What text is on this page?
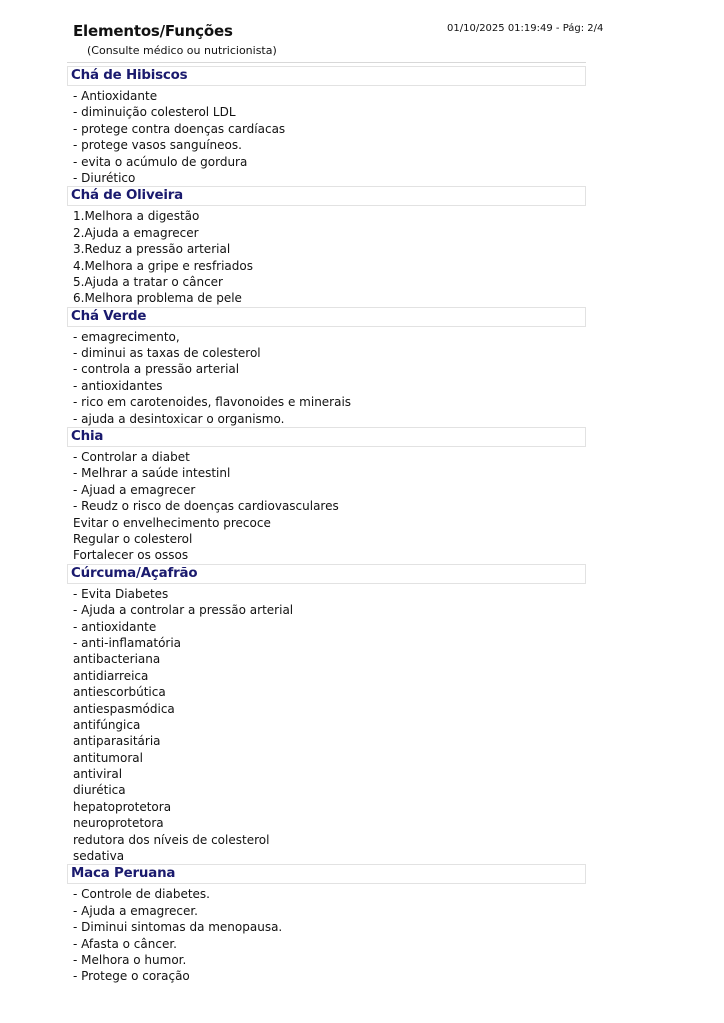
Elementos/Funções
(Consulte médico ou nutricionista)
01/10/2025 01:19:49 - Pág: 2/4
Chá de Hibiscos
- Antioxidante
- diminuição colesterol LDL
- protege contra doenças cardíacas
- protege vasos sanguíneos.
- evita o acúmulo de gordura
- Diurético
Chá de Oliveira
1.Melhora a digestão
2.Ajuda a emagrecer
3.Reduz a pressão arterial
4.Melhora a gripe e resfriados
5.Ajuda a tratar o câncer
6.Melhora problema de pele
Chá Verde
- emagrecimento,
- diminui as taxas de colesterol
- controla a pressão arterial
- antioxidantes
- rico em carotenoides, flavonoides e minerais
- ajuda a desintoxicar o organismo.
Chia
- Controlar a diabet
- Melhrar a saúde intestinl
- Ajuad a emagrecer
- Reudz o risco de doenças cardiovasculares
Evitar o envelhecimento precoce
Regular o colesterol
Fortalecer os ossos
Cúrcuma/Açafrão
- Evita Diabetes
- Ajuda a controlar a pressão arterial
- antioxidante
- anti-inflamatória
antibacteriana
antidiarreica
antiescorbútica
antiespasmódica
antifúngica
antiparasitária
antitumoral
antiviral
diurética
hepatoprotetora
neuroprotetora
redutora dos níveis de colesterol
sedativa
Maca Peruana
- Controle de diabetes.
- Ajuda a emagrecer.
- Diminui sintomas da menopausa.
- Afasta o câncer.
- Melhora o humor.
- Protege o coração
